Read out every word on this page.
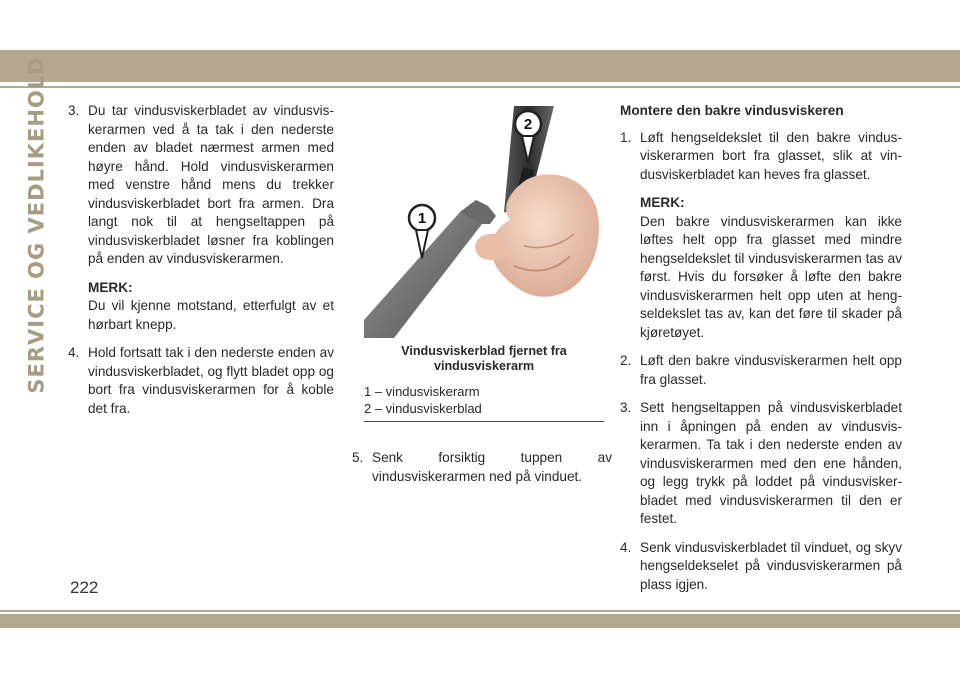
SERVICE OG VEDLIKEHOLD 3. Du tar vindusviskerbladet av vindusviskerarmen ved å ta tak i den nederste enden av bladet nærmest armen med høyre hånd. Hold vindusviskerarmen med venstre hånd mens du trekker vindusviskerbladet bort fra armen. Dra langt nok til at hengseltappen på vindusviskerbladet løsner fra koblingen på enden av vindusviskerarmen.
MERK:
Du vil kjenne motstand, etterfulgt av et hørbart knepp.
4. Hold fortsatt tak i den nederste enden av vindusviskerbladet, og flytt bladet opp og bort fra vindusviskerarmen for å koble det fra.
1
2
Vindusviskerblad fjernet fra vindusviskerarm
1 – vindusviskerarm
2 – vindusviskerblad
5. Senk forsiktig tuppen av vindusviskerarmen ned på vinduet.
Montere den bakre vindusviskeren
1. Løft hengseldekslet til den bakre vindusviskerarmen bort fra glasset, slik at vindusviskerbladet kan heves fra glasset.
MERK:
Den bakre vindusviskerarmen kan ikke løftes helt opp fra glasset med mindre hengseldekslet til vindusviskerarmen tas av først. Hvis du forsøker å løfte den bakre vindusviskerarmen helt opp uten at hengseldekslet tas av, kan det føre til skader på kjøretøyet.
2. Løft den bakre vindusviskerarmen helt opp fra glasset.
3. Sett hengseltappen på vindusviskerbladet inn i åpningen på enden av vindusviskerarmen. Ta tak i den nederste enden av vindusviskerarmen med den ene hånden, og legg trykk på loddet på vindusviskerbladet med vindusviskerarmen til den er festet.
4. Senk vindusviskerbladet til vinduet, og skyv hengseldekselet på vindusviskerarmen på plass igjen.
222
